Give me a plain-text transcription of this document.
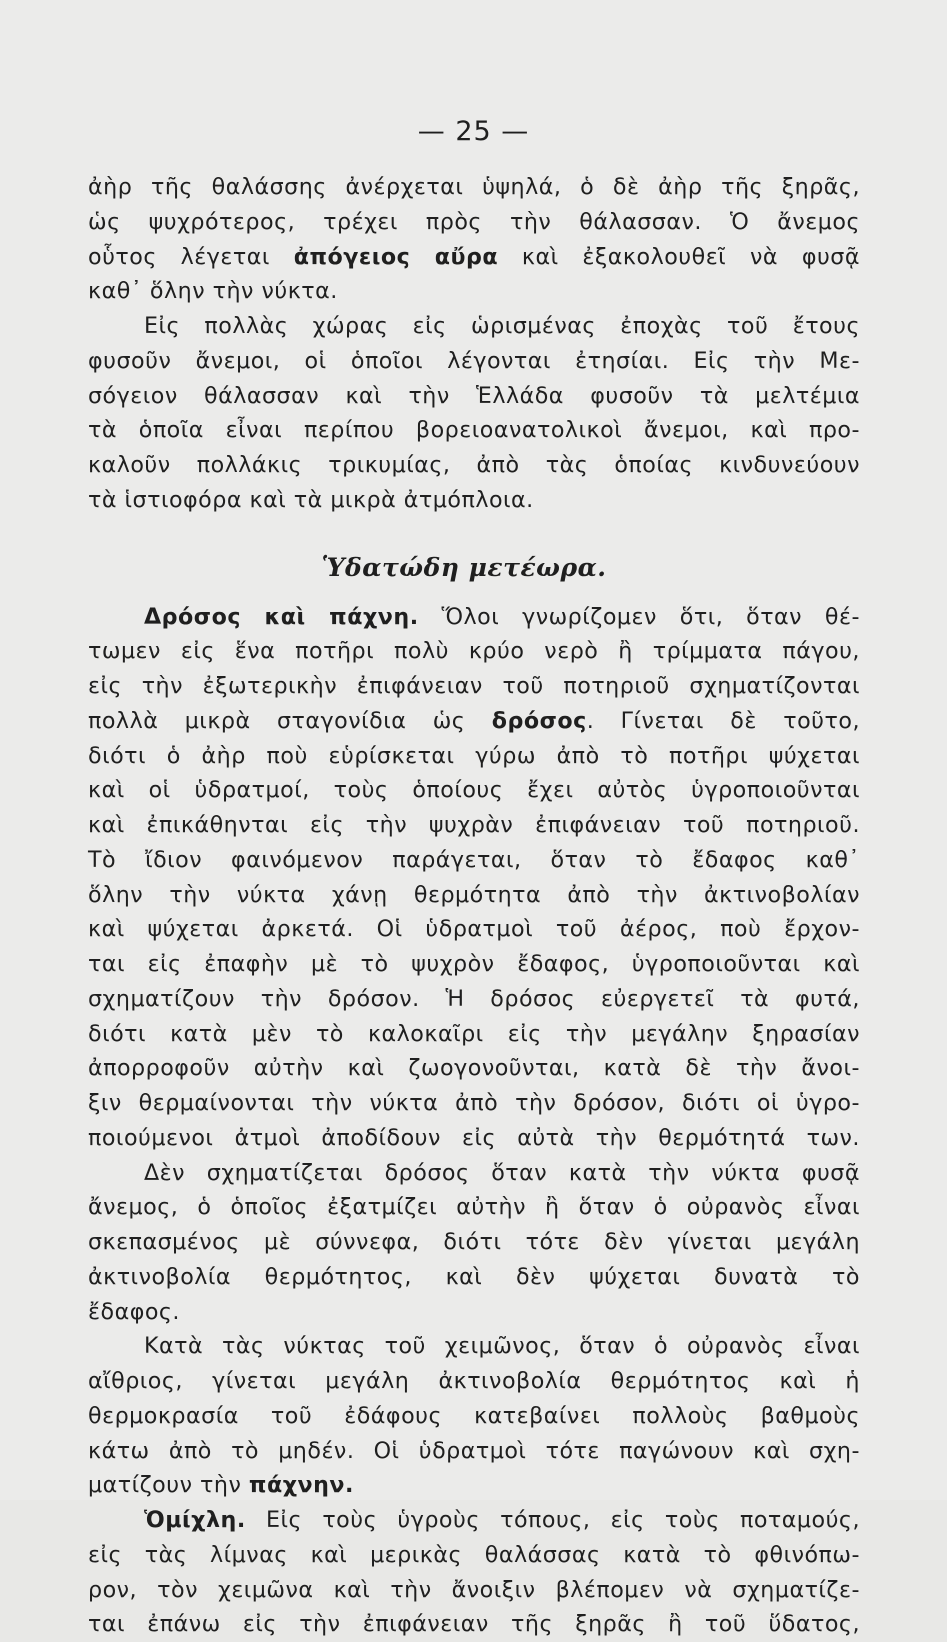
— 25 —
ἀὴρ τῆς θαλάσσης ἀνέρχεται ὑψηλά, ὁ δὲ ἀὴρ τῆς ξηρᾶς,
ὡς ψυχρότερος, τρέχει πρὸς τὴν θάλασσαν. Ὁ ἄνεμος
οὗτος λέγεται ἀπόγειος αὔρα καὶ ἐξακολουθεῖ νὰ φυσᾷ
καθ᾽ ὅλην τὴν νύκτα.
Εἰς πολλὰς χώρας εἰς ὡρισμένας ἐποχὰς τοῦ ἔτους
φυσοῦν ἄνεμοι, οἱ ὁποῖοι λέγονται ἐτησίαι. Εἰς τὴν Με-
σόγειον θάλασσαν καὶ τὴν Ἑλλάδα φυσοῦν τὰ μελτέμια
τὰ ὁποῖα εἶναι περίπου βορειοανατολικοὶ ἄνεμοι, καὶ προ-
καλοῦν πολλάκις τρικυμίας, ἀπὸ τὰς ὁποίας κινδυνεύουν
τὰ ἱστιοφόρα καὶ τὰ μικρὰ ἀτμόπλοια.
Ὑδατώδη μετέωρα.
Δρόσος καὶ πάχνη. Ὅλοι γνωρίζομεν ὅτι, ὅταν θέ-
τωμεν εἰς ἕνα ποτῆρι πολὺ κρύο νερὸ ἢ τρίμματα πάγου,
εἰς τὴν ἐξωτερικὴν ἐπιφάνειαν τοῦ ποτηριοῦ σχηματίζονται
πολλὰ μικρὰ σταγονίδια ὡς δρόσος. Γίνεται δὲ τοῦτο,
διότι ὁ ἀὴρ ποὺ εὑρίσκεται γύρω ἀπὸ τὸ ποτῆρι ψύχεται
καὶ οἱ ὑδρατμοί, τοὺς ὁποίους ἔχει αὐτὸς ὑγροποιοῦνται
καὶ ἐπικάθηνται εἰς τὴν ψυχρὰν ἐπιφάνειαν τοῦ ποτηριοῦ.
Τὸ ἴδιον φαινόμενον παράγεται, ὅταν τὸ ἔδαφος καθ᾽
ὅλην τὴν νύκτα χάνῃ θερμότητα ἀπὸ τὴν ἀκτινοβολίαν
καὶ ψύχεται ἀρκετά. Οἱ ὑδρατμοὶ τοῦ ἀέρος, ποὺ ἔρχον-
ται εἰς ἐπαφὴν μὲ τὸ ψυχρὸν ἔδαφος, ὑγροποιοῦνται καὶ
σχηματίζουν τὴν δρόσον. Ἡ δρόσος εὐεργετεῖ τὰ φυτά,
διότι κατὰ μὲν τὸ καλοκαῖρι εἰς τὴν μεγάλην ξηρασίαν
ἀπορροφοῦν αὐτὴν καὶ ζωογονοῦνται, κατὰ δὲ τὴν ἄνοι-
ξιν θερμαίνονται τὴν νύκτα ἀπὸ τὴν δρόσον, διότι οἱ ὑγρο-
ποιούμενοι ἀτμοὶ ἀποδίδουν εἰς αὐτὰ τὴν θερμότητά των.
Δὲν σχηματίζεται δρόσος ὅταν κατὰ τὴν νύκτα φυσᾷ
ἄνεμος, ὁ ὁποῖος ἐξατμίζει αὐτὴν ἢ ὅταν ὁ οὐρανὸς εἶναι
σκεπασμένος μὲ σύννεφα, διότι τότε δὲν γίνεται μεγάλη
ἀκτινοβολία θερμότητος, καὶ δὲν ψύχεται δυνατὰ τὸ
ἔδαφος.
Κατὰ τὰς νύκτας τοῦ χειμῶνος, ὅταν ὁ οὐρανὸς εἶναι
αἴθριος, γίνεται μεγάλη ἀκτινοβολία θερμότητος καὶ ἡ
θερμοκρασία τοῦ ἐδάφους κατεβαίνει πολλοὺς βαθμοὺς
κάτω ἀπὸ τὸ μηδέν. Οἱ ὑδρατμοὶ τότε παγώνουν καὶ σχη-
ματίζουν τὴν πάχνην.
Ὁμίχλη. Εἰς τοὺς ὑγροὺς τόπους, εἰς τοὺς ποταμούς,
εἰς τὰς λίμνας καὶ μερικὰς θαλάσσας κατὰ τὸ φθινόπω-
ρον, τὸν χειμῶνα καὶ τὴν ἄνοιξιν βλέπομεν νὰ σχηματίζε-
ται ἐπάνω εἰς τὴν ἐπιφάνειαν τῆς ξηρᾶς ἢ τοῦ ὕδατος,
